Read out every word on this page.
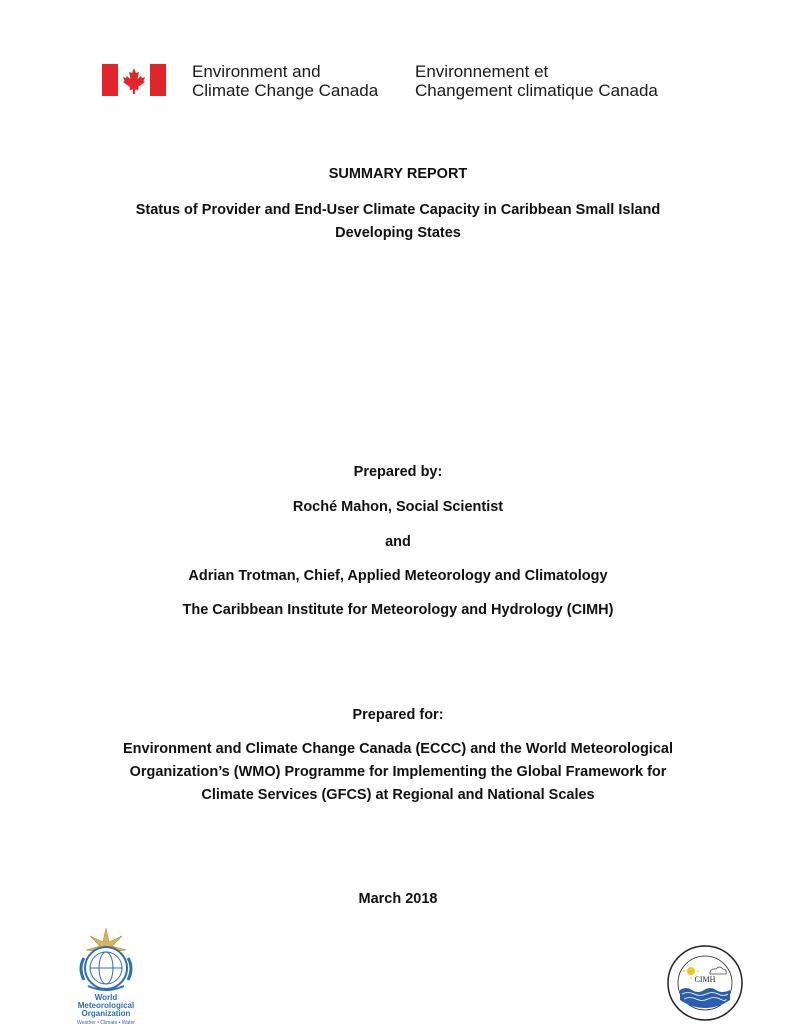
Environment and
Climate Change Canada
Environnement et
Changement climatique Canada
SUMMARY REPORT
Status of Provider and End-User Climate Capacity in Caribbean Small Island
Developing States
Prepared by:
Roché Mahon, Social Scientist
and
Adrian Trotman, Chief, Applied Meteorology and Climatology
The Caribbean Institute for Meteorology and Hydrology (CIMH)
Prepared for:
Environment and Climate Change Canada (ECCC) and the World Meteorological
Organization’s (WMO) Programme for Implementing the Global Framework for
Climate Services (GFCS) at Regional and National Scales
March 2018
World
Meteorological
Organization
Weather • Climate • Water
CIMH
